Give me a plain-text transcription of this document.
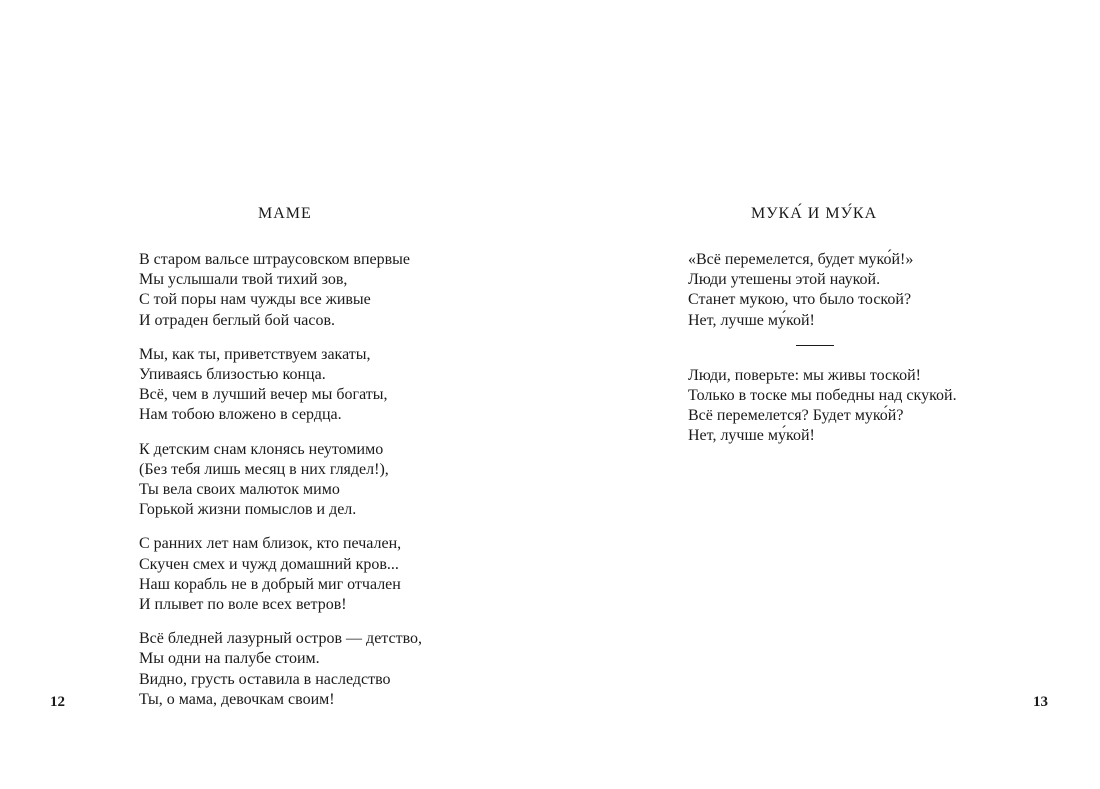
МАМЕ
В старом вальсе штраусовском впервые
Мы услышали твой тихий зов,
С той поры нам чужды все живые
И отраден беглый бой часов.
Мы, как ты, приветствуем закаты,
Упиваясь близостью конца.
Всё, чем в лучший вечер мы богаты,
Нам тобою вложено в сердца.
К детским снам клонясь неутомимо
(Без тебя лишь месяц в них глядел!),
Ты вела своих малюток мимо
Горькой жизни помыслов и дел.
С ранних лет нам близок, кто печален,
Скучен смех и чужд домашний кров...
Наш корабль не в добрый миг отчален
И плывет по воле всех ветров!
Всё бледней лазурный остров — детство,
Мы одни на палубе стоим.
Видно, грусть оставила в наследство
Ты, о мама, девочкам своим!
12
МУКА́ И МУ́КА
«Всё перемелется, будет муко́й!»
Люди утешены этой наукой.
Станет мукою, что было тоской?
Нет, лучше му́кой!
Люди, поверьте: мы живы тоской!
Только в тоске мы победны над скукой.
Всё перемелется? Будет муко́й?
Нет, лучше му́кой!
13
